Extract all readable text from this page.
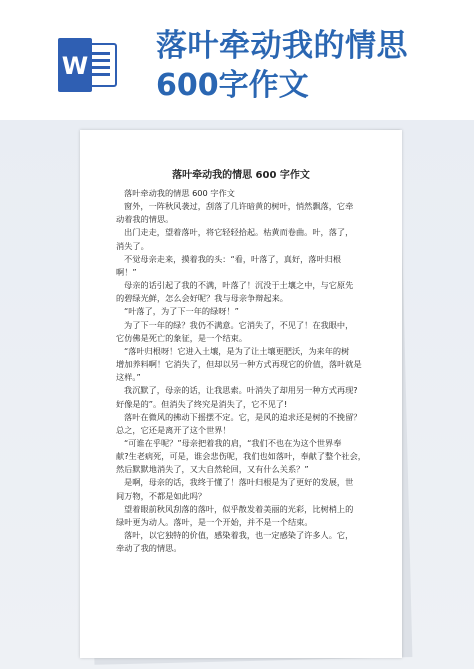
W
落叶牵动我的情思
600字作文
落叶牵动我的情思 600 字作文

落叶牵动我的情思 600 字作文

窗外，一阵秋风袭过，刮落了几许暗黄的树叶，悄然飘落，它牵

动着我的情思。

出门走走，望着落叶，将它轻轻拾起。枯黄而卷曲。叶，落了，

消失了。

不觉母亲走来，摸着我的头：“看，叶落了，真好，落叶归根

啊！”

母亲的话引起了我的不满，叶落了！沉没于土壤之中，与它原先

的碧绿光鲜，怎么会好呢？我与母亲争辩起来。

“叶落了，为了下一年的绿呀！”

为了下一年的绿？我仍不满意。它消失了，不见了！在我眼中，

它仿佛是死亡的象征，是一个结束。

“落叶归根呀！它进入土壤，是为了让土壤更肥沃，为来年的树

增加养料啊！它消失了，但却以另一种方式再现它的价值，落叶就是

这样。”

我沉默了，母亲的话，让我思索。叶消失了却用另一种方式再现?

好像是的”。但消失了终究是消失了，它不见了!

落叶在微风的拂动下摇摆不定。它，是风的追求还是树的不挽留？

总之，它还是离开了这个世界！

“可谁在乎呢？”母亲把着我的肩，“我们不也在为这个世界奉

献?生老病死，可是，谁会悲伤呢，我们也如落叶，奉献了整个社会，

然后默默地消失了，又大自然轮回，又有什么关系？”

是啊，母亲的话，我终于懂了！落叶归根是为了更好的发展，世

间万物，不都是如此吗？

望着眼前秋风刮落的落叶，似乎散发着美丽的光彩，比树梢上的

绿叶更为动人。落叶，是一个开始，并不是一个结束。

落叶，以它独特的价值，感染着我，也一定感染了许多人。它，

牵动了我的情思。
